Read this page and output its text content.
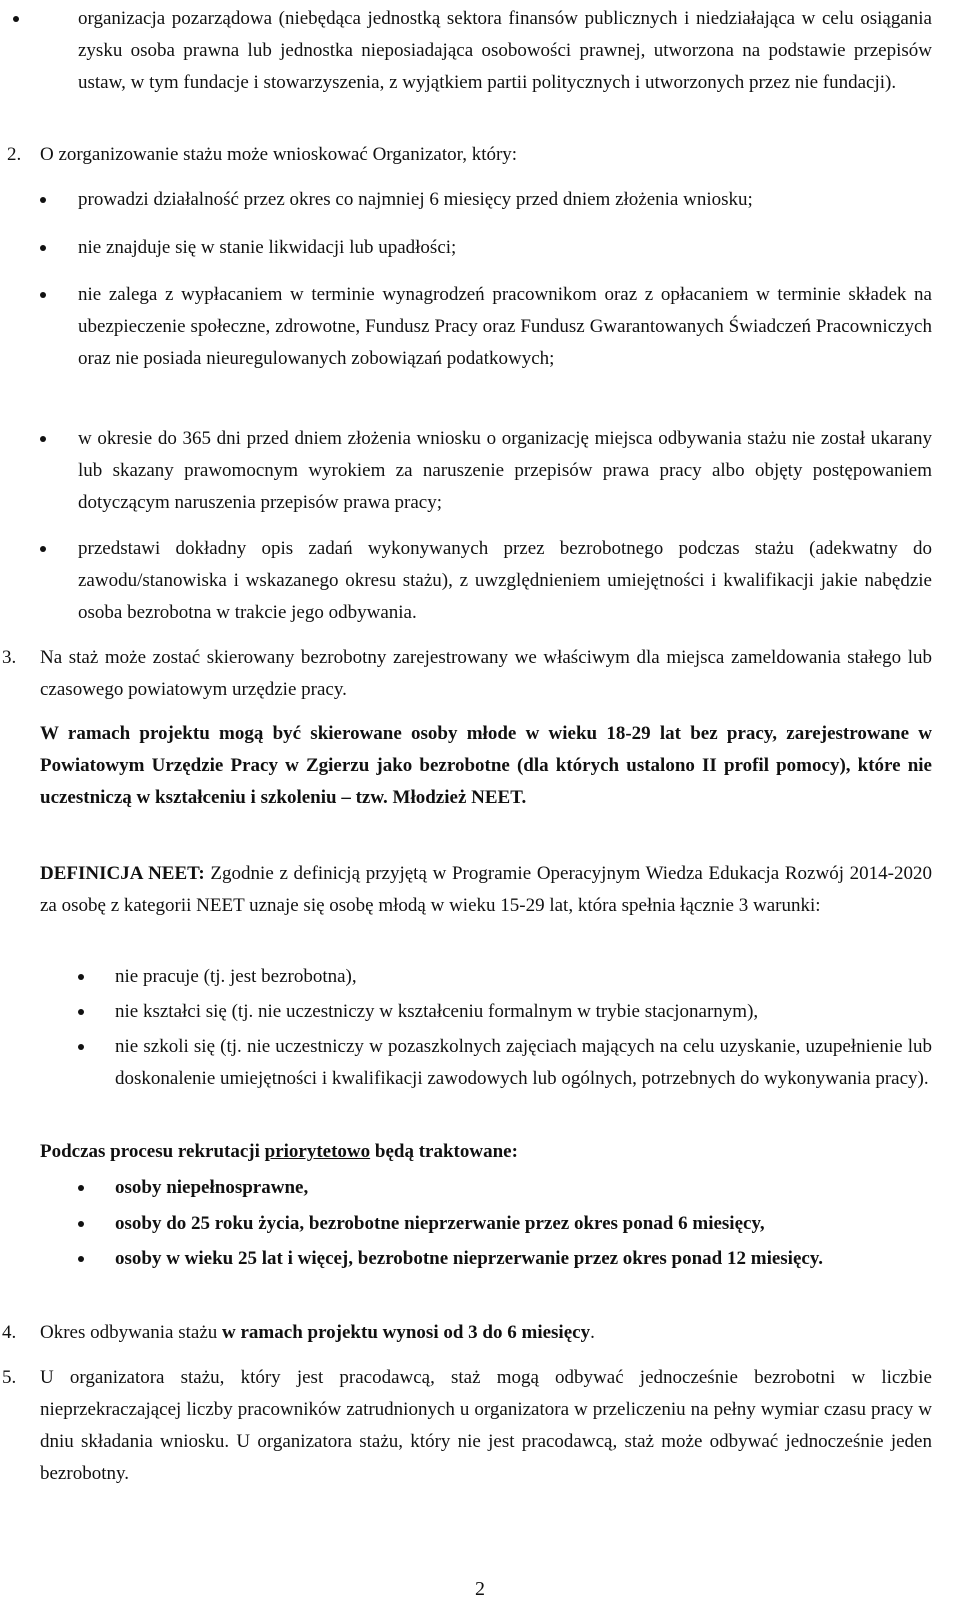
organizacja pozarządowa (niebędąca jednostką sektora finansów publicznych i niedziałająca w celu osiągania zysku osoba prawna lub jednostka nieposiadająca osobowości prawnej, utworzona na podstawie przepisów ustaw, w tym fundacje i stowarzyszenia, z wyjątkiem partii politycznych i utworzonych przez nie fundacji).
2. O zorganizowanie stażu może wnioskować Organizator, który:
prowadzi działalność przez okres co najmniej 6 miesięcy przed dniem złożenia wniosku;
nie znajduje się w stanie likwidacji lub upadłości;
nie zalega z wypłacaniem w terminie wynagrodzeń pracownikom oraz z opłacaniem w terminie składek na ubezpieczenie społeczne, zdrowotne, Fundusz Pracy oraz Fundusz Gwarantowanych Świadczeń Pracowniczych oraz nie posiada nieuregulowanych zobowiązań podatkowych;
w okresie do 365 dni przed dniem złożenia wniosku o organizację miejsca odbywania stażu nie został ukarany lub skazany prawomocnym wyrokiem za naruszenie przepisów prawa pracy albo objęty postępowaniem dotyczącym naruszenia przepisów prawa pracy;
przedstawi dokładny opis zadań wykonywanych przez bezrobotnego podczas stażu (adekwatny do zawodu/stanowiska i wskazanego okresu stażu), z uwzględnieniem umiejętności i kwalifikacji jakie nabędzie osoba bezrobotna w trakcie jego odbywania.
3. Na staż może zostać skierowany bezrobotny zarejestrowany we właściwym dla miejsca zameldowania stałego lub czasowego powiatowym urzędzie pracy.
W ramach projektu mogą być skierowane osoby młode w wieku 18-29 lat bez pracy, zarejestrowane w Powiatowym Urzędzie Pracy w Zgierzu jako bezrobotne (dla których ustalono II profil pomocy), które nie uczestniczą w kształceniu i szkoleniu – tzw. Młodzież NEET.
DEFINICJA NEET: Zgodnie z definicją przyjętą w Programie Operacyjnym Wiedza Edukacja Rozwój 2014-2020 za osobę z kategorii NEET uznaje się osobę młodą w wieku 15-29 lat, która spełnia łącznie 3 warunki:
nie pracuje (tj. jest bezrobotna),
nie kształci się (tj. nie uczestniczy w kształceniu formalnym w trybie stacjonarnym),
nie szkoli się (tj. nie uczestniczy w pozaszkolnych zajęciach mających na celu uzyskanie, uzupełnienie lub doskonalenie umiejętności i kwalifikacji zawodowych lub ogólnych, potrzebnych do wykonywania pracy).
Podczas procesu rekrutacji priorytetowo będą traktowane:
osoby niepełnosprawne,
osoby do 25 roku życia, bezrobotne nieprzerwanie przez okres ponad 6 miesięcy,
osoby w wieku 25 lat i więcej, bezrobotne nieprzerwanie przez okres ponad 12 miesięcy.
4. Okres odbywania stażu w ramach projektu wynosi od 3 do 6 miesięcy.
5. U organizatora stażu, który jest pracodawcą, staż mogą odbywać jednocześnie bezrobotni w liczbie nieprzekraczającej liczby pracowników zatrudnionych u organizatora w przeliczeniu na pełny wymiar czasu pracy w dniu składania wniosku. U organizatora stażu, który nie jest pracodawcą, staż może odbywać jednocześnie jeden bezrobotny.
2
